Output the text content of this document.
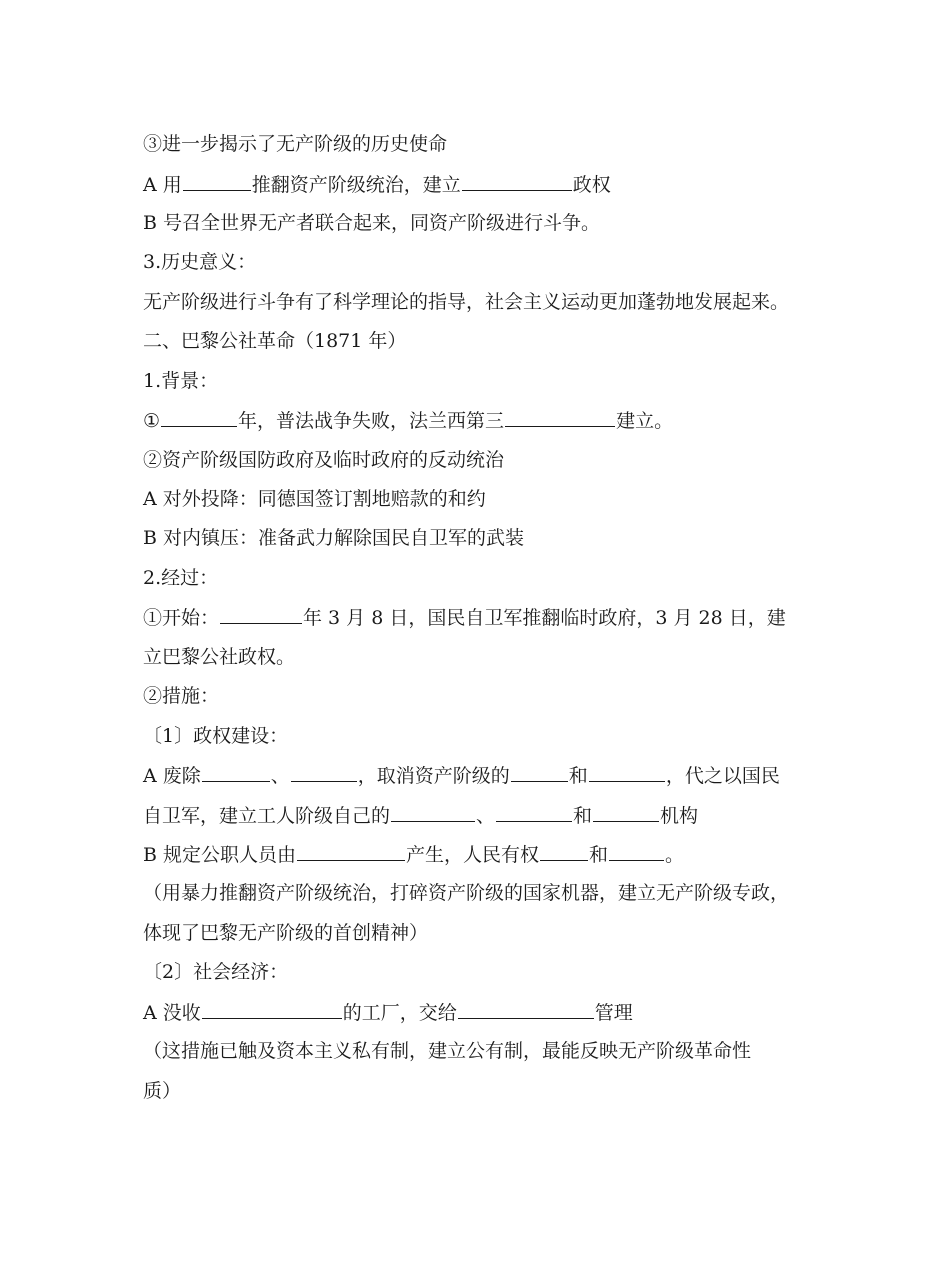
③进一步揭示了无产阶级的历史使命
A 用	推翻资产阶级统治，建立	政权
B 号召全世界无产者联合起来，同资产阶级进行斗争。
3.历史意义：
无产阶级进行斗争有了科学理论的指导，社会主义运动更加蓬勃地发展起来。
二、巴黎公社革命（1871 年）
1.背景：
①	年，普法战争失败，法兰西第三	建立。
②资产阶级国防政府及临时政府的反动统治
A 对外投降：同德国签订割地赔款的和约
B 对内镇压：准备武力解除国民自卫军的武装
2.经过：
①开始：	年 3 月 8 日，国民自卫军推翻临时政府，3 月 28 日，建
立巴黎公社政权。
②措施：
〔1〕政权建设：
A 废除	、	，取消资产阶级的	和	，代之以国民
自卫军，建立工人阶级自己的	、	和	机构
B 规定公职人员由	产生，人民有权	和	。
（用暴力推翻资产阶级统治，打碎资产阶级的国家机器，建立无产阶级专政，
体现了巴黎无产阶级的首创精神）
〔2〕社会经济：
A 没收	的工厂，交给	管理
（这措施已触及资本主义私有制，建立公有制，最能反映无产阶级革命性
质）
